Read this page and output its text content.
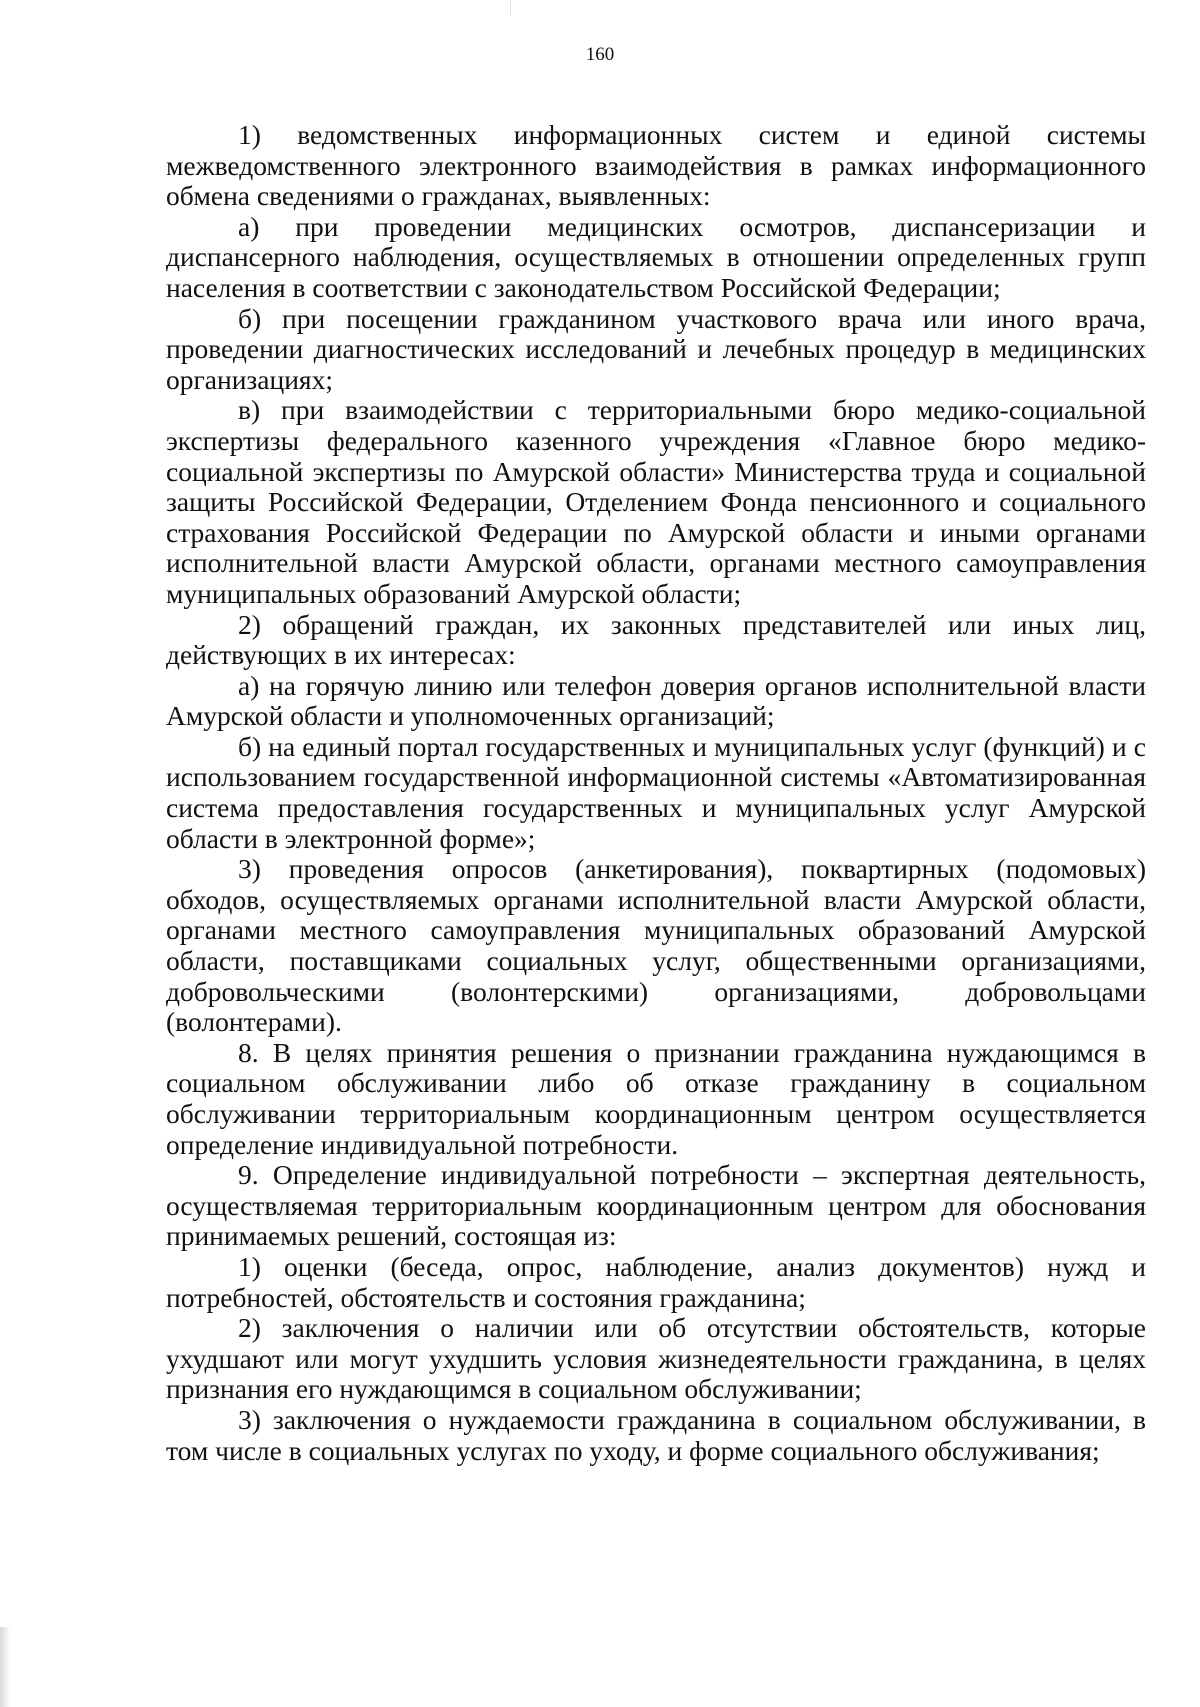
160

1) ведомственных информационных систем и единой системы межведомственного электронного взаимодействия в рамках информационного обмена сведениями о гражданах, выявленных:

а) при проведении медицинских осмотров, диспансеризации и диспансерного наблюдения, осуществляемых в отношении определенных групп населения в соответствии с законодательством Российской Федерации;

б) при посещении гражданином участкового врача или иного врача, проведении диагностических исследований и лечебных процедур в медицинских организациях;

в) при взаимодействии с территориальными бюро медико-социальной экспертизы федерального казенного учреждения «Главное бюро медико-социальной экспертизы по Амурской области» Министерства труда и социальной защиты Российской Федерации, Отделением Фонда пенсионного и социального страхования Российской Федерации по Амурской области и иными органами исполнительной власти Амурской области, органами местного самоуправления муниципальных образований Амурской области;

2) обращений граждан, их законных представителей или иных лиц, действующих в их интересах:

а) на горячую линию или телефон доверия органов исполнительной власти Амурской области и уполномоченных организаций;

б) на единый портал государственных и муниципальных услуг (функций) и с использованием государственной информационной системы «Автоматизированная система предоставления государственных и муниципальных услуг Амурской области в электронной форме»;

3) проведения опросов (анкетирования), поквартирных (подомовых) обходов, осуществляемых органами исполнительной власти Амурской области, органами местного самоуправления муниципальных образований Амурской области, поставщиками социальных услуг, общественными организациями, добровольческими (волонтерскими) организациями, добровольцами (волонтерами).

8. В целях принятия решения о признании гражданина нуждающимся в социальном обслуживании либо об отказе гражданину в социальном обслуживании территориальным координационным центром осуществляется определение индивидуальной потребности.

9. Определение индивидуальной потребности – экспертная деятельность, осуществляемая территориальным координационным центром для обоснования принимаемых решений, состоящая из:

1) оценки (беседа, опрос, наблюдение, анализ документов) нужд и потребностей, обстоятельств и состояния гражданина;

2) заключения о наличии или об отсутствии обстоятельств, которые ухудшают или могут ухудшить условия жизнедеятельности гражданина, в целях признания его нуждающимся в социальном обслуживании;

3) заключения о нуждаемости гражданина в социальном обслуживании, в том числе в социальных услугах по уходу, и форме социального обслуживания;
